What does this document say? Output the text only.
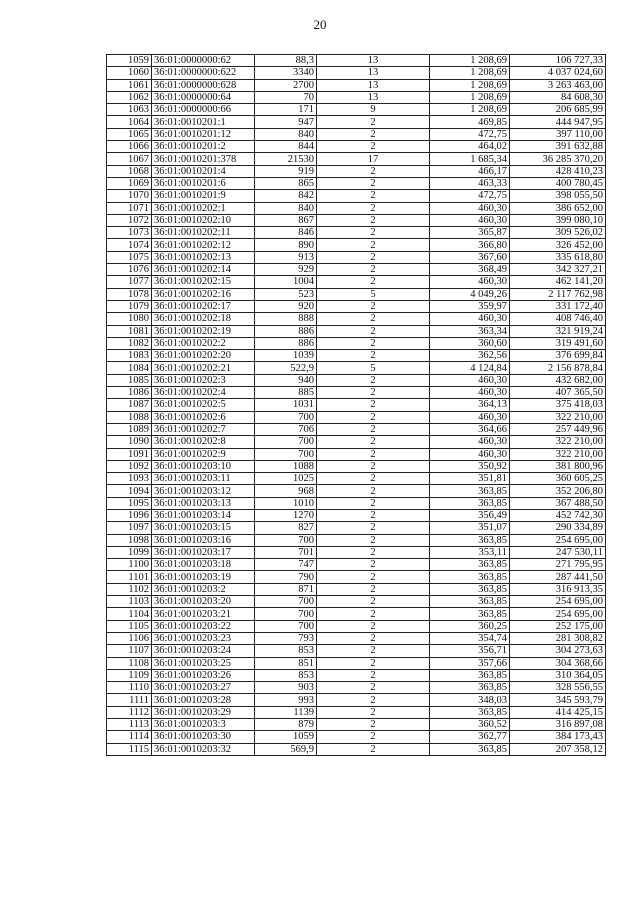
20
1059	36:01:0000000:62	88,3	13	1 208,69	106 727,33
1060	36:01:0000000:622	3340	13	1 208,69	4 037 024,60
1061	36:01:0000000:628	2700	13	1 208,69	3 263 463,00
1062	36:01:0000000:64	70	13	1 208,69	84 608,30
1063	36:01:0000000:66	171	9	1 208,69	206 685,99
1064	36:01:0010201:1	947	2	469,85	444 947,95
1065	36:01:0010201:12	840	2	472,75	397 110,00
1066	36:01:0010201:2	844	2	464,02	391 632,88
1067	36:01:0010201:378	21530	17	1 685,34	36 285 370,20
1068	36:01:0010201:4	919	2	466,17	428 410,23
1069	36:01:0010201:6	865	2	463,33	400 780,45
1070	36:01:0010201:9	842	2	472,75	398 055,50
1071	36:01:0010202:1	840	2	460,30	386 652,00
1072	36:01:0010202:10	867	2	460,30	399 080,10
1073	36:01:0010202:11	846	2	365,87	309 526,02
1074	36:01:0010202:12	890	2	366,80	326 452,00
1075	36:01:0010202:13	913	2	367,60	335 618,80
1076	36:01:0010202:14	929	2	368,49	342 327,21
1077	36:01:0010202:15	1004	2	460,30	462 141,20
1078	36:01:0010202:16	523	5	4 049,26	2 117 762,98
1079	36:01:0010202:17	920	2	359,97	331 172,40
1080	36:01:0010202:18	888	2	460,30	408 746,40
1081	36:01:0010202:19	886	2	363,34	321 919,24
1082	36:01:0010202:2	886	2	360,60	319 491,60
1083	36:01:0010202:20	1039	2	362,56	376 699,84
1084	36:01:0010202:21	522,9	5	4 124,84	2 156 878,84
1085	36:01:0010202:3	940	2	460,30	432 682,00
1086	36:01:0010202:4	885	2	460,30	407 365,50
1087	36:01:0010202:5	1031	2	364,13	375 418,03
1088	36:01:0010202:6	700	2	460,30	322 210,00
1089	36:01:0010202:7	706	2	364,66	257 449,96
1090	36:01:0010202:8	700	2	460,30	322 210,00
1091	36:01:0010202:9	700	2	460,30	322 210,00
1092	36:01:0010203:10	1088	2	350,92	381 800,96
1093	36:01:0010203:11	1025	2	351,81	360 605,25
1094	36:01:0010203:12	968	2	363,85	352 206,80
1095	36:01:0010203:13	1010	2	363,85	367 488,50
1096	36:01:0010203:14	1270	2	356,49	452 742,30
1097	36:01:0010203:15	827	2	351,07	290 334,89
1098	36:01:0010203:16	700	2	363,85	254 695,00
1099	36:01:0010203:17	701	2	353,11	247 530,11
1100	36:01:0010203:18	747	2	363,85	271 795,95
1101	36:01:0010203:19	790	2	363,85	287 441,50
1102	36:01:0010203:2	871	2	363,85	316 913,35
1103	36:01:0010203:20	700	2	363,85	254 695,00
1104	36:01:0010203:21	700	2	363,85	254 695,00
1105	36:01:0010203:22	700	2	360,25	252 175,00
1106	36:01:0010203:23	793	2	354,74	281 308,82
1107	36:01:0010203:24	853	2	356,71	304 273,63
1108	36:01:0010203:25	851	2	357,66	304 368,66
1109	36:01:0010203:26	853	2	363,85	310 364,05
1110	36:01:0010203:27	903	2	363,85	328 556,55
1111	36:01:0010203:28	993	2	348,03	345 593,79
1112	36:01:0010203:29	1139	2	363,85	414 425,15
1113	36:01:0010203:3	879	2	360,52	316 897,08
1114	36:01:0010203:30	1059	2	362,77	384 173,43
1115	36:01:0010203:32	569,9	2	363,85	207 358,12
